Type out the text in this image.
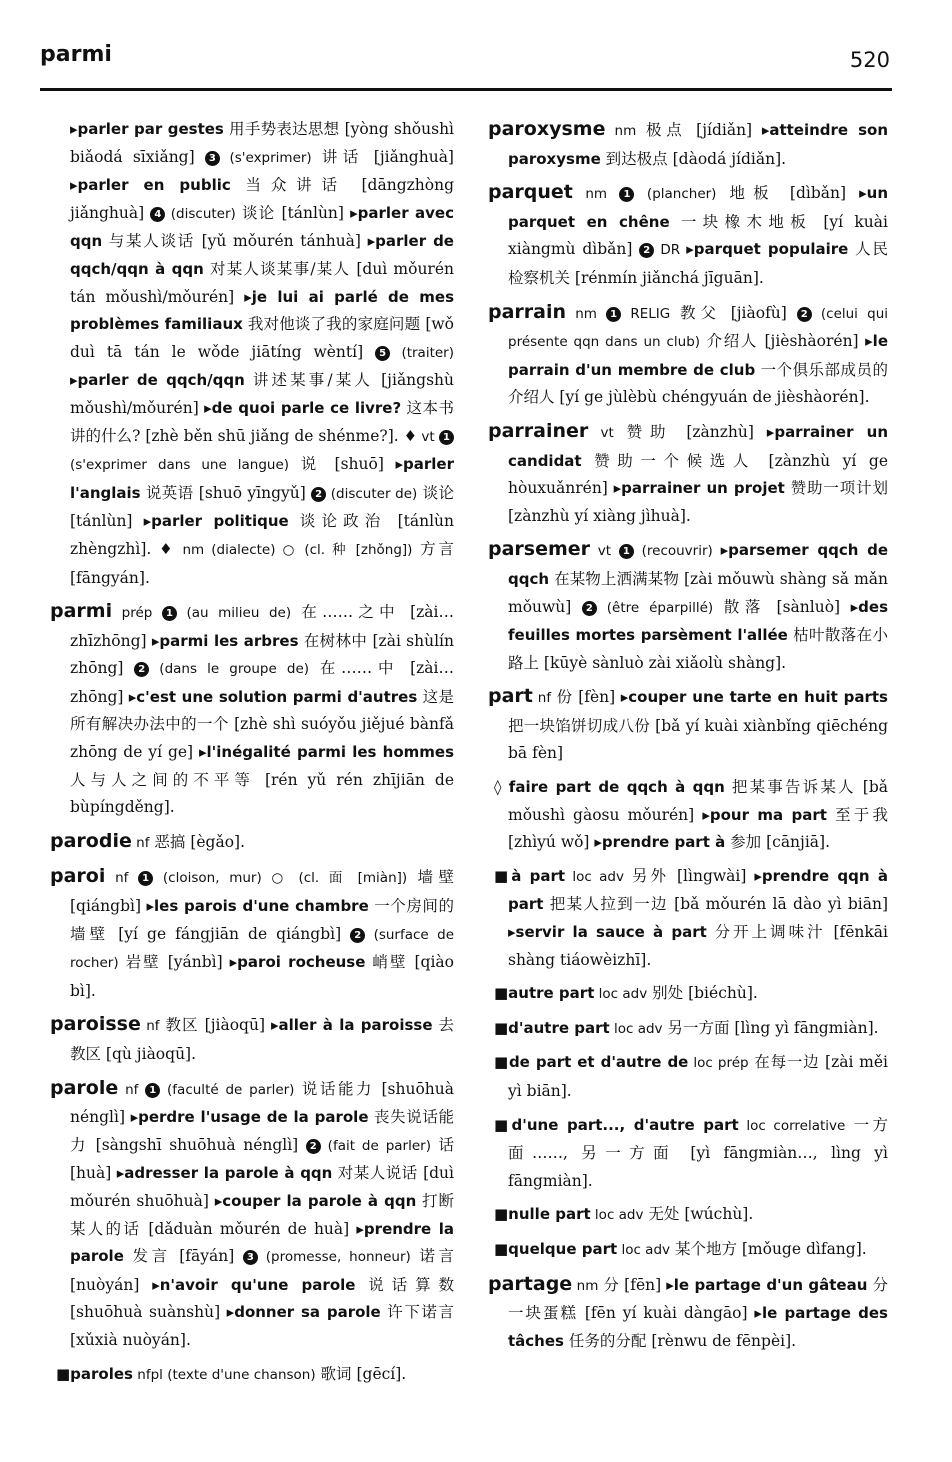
parmi	520

▸parler par gestes 用手势表达思想 [yòng shǒushì biǎodá sīxiǎng] 3 (s'exprimer) 讲话 [jiǎnghuà] ▸parler en public 当众讲话 [dāngzhòng jiǎnghuà] 4 (discuter) 谈论 [tánlùn] ▸parler avec qqn 与某人谈话 [yǔ mǒurén tánhuà] ▸parler de qqch/qqn à qqn 对某人谈某事/某人 [duì mǒurén tán mǒushì/mǒurén] ▸je lui ai parlé de mes problèmes familiaux 我对他谈了我的家庭问题 [wǒ duì tā tán le wǒde jiātíng wèntí] 5 (traiter) ▸parler de qqch/qqn 讲述某事/某人 [jiǎngshù mǒushì/mǒurén] ▸de quoi parle ce livre? 这本书讲的什么? [zhè běn shū jiǎng de shénme?]. ♦ vt 1 (s'exprimer dans une langue) 说 [shuō] ▸parler l'anglais 说英语 [shuō yīngyǔ] 2 (discuter de) 谈论 [tánlùn] ▸parler politique 谈论政治 [tánlùn zhèngzhì]. ♦ nm (dialecte) ○ (cl. 种 [zhǒng]) 方言 [fāngyán].

parmi prép 1 (au milieu de) 在……之中 [zài… zhīzhōng] ▸parmi les arbres 在树林中 [zài shùlín zhōng] 2 (dans le groupe de) 在……中 [zài… zhōng] ▸c'est une solution parmi d'autres 这是所有解决办法中的一个 [zhè shì suóyǒu jiějué bànfǎ zhōng de yí ge] ▸l'inégalité parmi les hommes 人与人之间的不平等 [rén yǔ rén zhījiān de bùpíngděng].

parodie nf 恶搞 [ègǎo].

paroi nf 1 (cloison, mur) ○ (cl. 面 [miàn]) 墙壁 [qiángbì] ▸les parois d'une chambre 一个房间的墙壁 [yí ge fángjiān de qiángbì] 2 (surface de rocher) 岩壁 [yánbì] ▸paroi rocheuse 峭壁 [qiào bì].

paroisse nf 教区 [jiàoqū] ▸aller à la paroisse 去教区 [qù jiàoqū].

parole nf 1 (faculté de parler) 说话能力 [shuōhuà nénglì] ▸perdre l'usage de la parole 丧失说话能力 [sàngshī shuōhuà nénglì] 2 (fait de parler) 话 [huà] ▸adresser la parole à qqn 对某人说话 [duì mǒurén shuōhuà] ▸couper la parole à qqn 打断某人的话 [dǎduàn mǒurén de huà] ▸prendre la parole 发言 [fāyán] 3 (promesse, honneur) 诺言 [nuòyán] ▸n'avoir qu'une parole 说话算数 [shuōhuà suànshù] ▸donner sa parole 许下诺言 [xǔxià nuòyán].

■paroles nfpl (texte d'une chanson) 歌词 [gēcí].

paroxysme nm 极点 [jídiǎn] ▸atteindre son paroxysme 到达极点 [dàodá jídiǎn].

parquet nm 1 (plancher) 地板 [dìbǎn] ▸un parquet en chêne 一块橡木地板 [yí kuài xiàngmù dìbǎn] 2 DR ▸parquet populaire 人民检察机关 [rénmín jiǎnchá jīguān].

parrain nm 1 RELIG 教父 [jiàofù] 2 (celui qui présente qqn dans un club) 介绍人 [jièshàorén] ▸le parrain d'un membre de club 一个俱乐部成员的介绍人 [yí ge jùlèbù chéngyuán de jièshàorén].

parrainer vt 赞助 [zànzhù] ▸parrainer un candidat 赞助一个候选人 [zànzhù yí ge hòuxuǎnrén] ▸parrainer un projet 赞助一项计划 [zànzhù yí xiàng jìhuà].

parsemer vt 1 (recouvrir) ▸parsemer qqch de qqch 在某物上洒满某物 [zài mǒuwù shàng sǎ mǎn mǒuwù] 2 (être éparpillé) 散落 [sànluò] ▸des feuilles mortes parsèment l'allée 枯叶散落在小路上 [kūyè sànluò zài xiǎolù shàng].

part nf 份 [fèn] ▸couper une tarte en huit parts 把一块馅饼切成八份 [bǎ yí kuài xiànbǐng qiēchéng bā fèn]

◊ faire part de qqch à qqn 把某事告诉某人 [bǎ mǒushì gàosu mǒurén] ▸pour ma part 至于我 [zhìyú wǒ] ▸prendre part à 参加 [cānjiā].

■à part loc adv 另外 [lìngwài] ▸prendre qqn à part 把某人拉到一边 [bǎ mǒurén lā dào yì biān] ▸servir la sauce à part 分开上调味汁 [fēnkāi shàng tiáowèizhī].

■autre part loc adv 别处 [biéchù].

■d'autre part loc adv 另一方面 [lìng yì fāngmiàn].

■de part et d'autre de loc prép 在每一边 [zài měi yì biān].

■d'une part..., d'autre part loc correlative 一方面……, 另一方面 [yì fāngmiàn…, lìng yì fāngmiàn].

■nulle part loc adv 无处 [wúchù].

■quelque part loc adv 某个地方 [mǒuge dìfang].

partage nm 分 [fēn] ▸le partage d'un gâteau 分一块蛋糕 [fēn yí kuài dàngāo] ▸le partage des tâches 任务的分配 [rènwu de fēnpèi].
